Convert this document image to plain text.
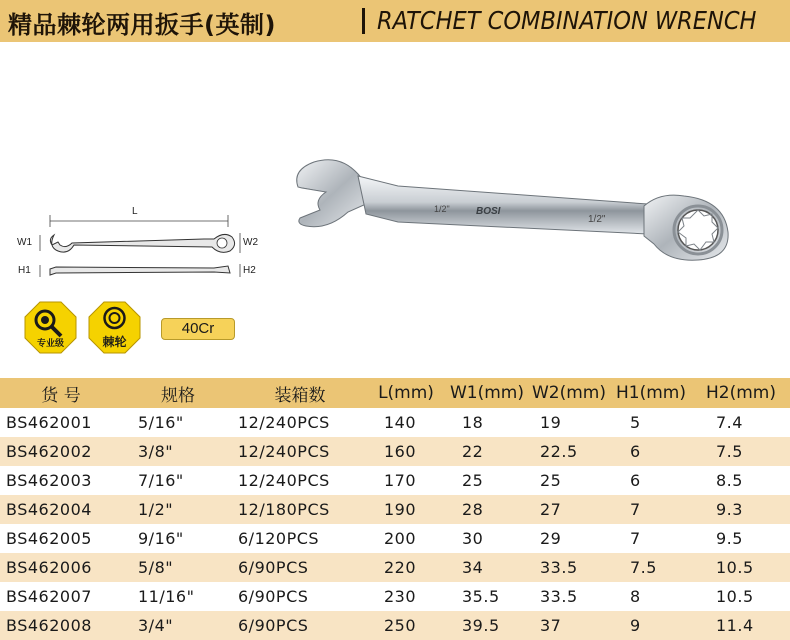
精品棘轮两用扳手(英制)	RATCHET COMBINATION WRENCH
L
W1	W2
H1	H2
1/2"	BOSI
1/2"
专业级	棘轮
40Cr
货 号	规格	装箱数	L(mm)	W1(mm)	W2(mm)	H1(mm)	H2(mm)
BS462001	5/16"	12/240PCS	140	18	19	5	7.4
BS462002	3/8"	12/240PCS	160	22	22.5	6	7.5
BS462003	7/16"	12/240PCS	170	25	25	6	8.5
BS462004	1/2"	12/180PCS	190	28	27	7	9.3
BS462005	9/16"	6/120PCS	200	30	29	7	9.5
BS462006	5/8"	6/90PCS	220	34	33.5	7.5	10.5
BS462007	11/16"	6/90PCS	230	35.5	33.5	8	10.5
BS462008	3/4"	6/90PCS	250	39.5	37	9	11.4
